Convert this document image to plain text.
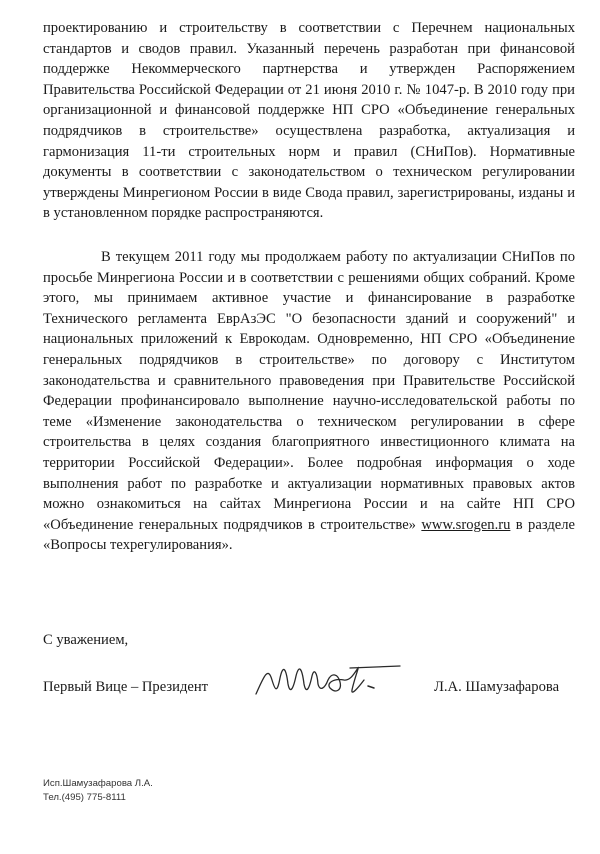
проектированию и строительству в соответствии с Перечнем национальных стандартов и сводов правил. Указанный перечень разработан при финансовой поддержке Некоммерческого партнерства и утвержден Распоряжением Правительства Российской Федерации от 21 июня 2010 г. № 1047-р. В 2010 году при организационной и финансовой поддержке НП СРО «Объединение генеральных подрядчиков в строительстве» осуществлена разработка, актуализация и гармонизация 11-ти строительных норм и правил (СНиПов). Нормативные документы в соответствии с законодательством о техническом регулировании утверждены Минрегионом России в виде Свода правил, зарегистрированы, изданы и в установленном порядке распространяются.

В текущем 2011 году мы продолжаем работу по актуализации СНиПов по просьбе Минрегиона России и в соответствии с решениями общих собраний. Кроме этого, мы принимаем активное участие и финансирование в разработке Технического регламента ЕврАзЭС "О безопасности зданий и сооружений" и национальных приложений к Еврокодам. Одновременно, НП СРО «Объединение генеральных подрядчиков в строительстве» по договору с Институтом законодательства и сравнительного правоведения при Правительстве Российской Федерации профинансировало выполнение научно-исследовательской работы по теме «Изменение законодательства о техническом регулировании в сфере строительства в целях создания благоприятного инвестиционного климата на территории Российской Федерации». Более подробная информация о ходе выполнения работ по разработке и актуализации нормативных правовых актов можно ознакомиться на сайтах Минрегиона России и на сайте НП СРО «Объединение генеральных подрядчиков в строительстве» www.srogen.ru в разделе «Вопросы техрегулирования».

С уважением,

Первый Вице – Президент	Л.А. Шамузафарова

Исп.Шамузафарова Л.А.
Тел.(495) 775-8111
